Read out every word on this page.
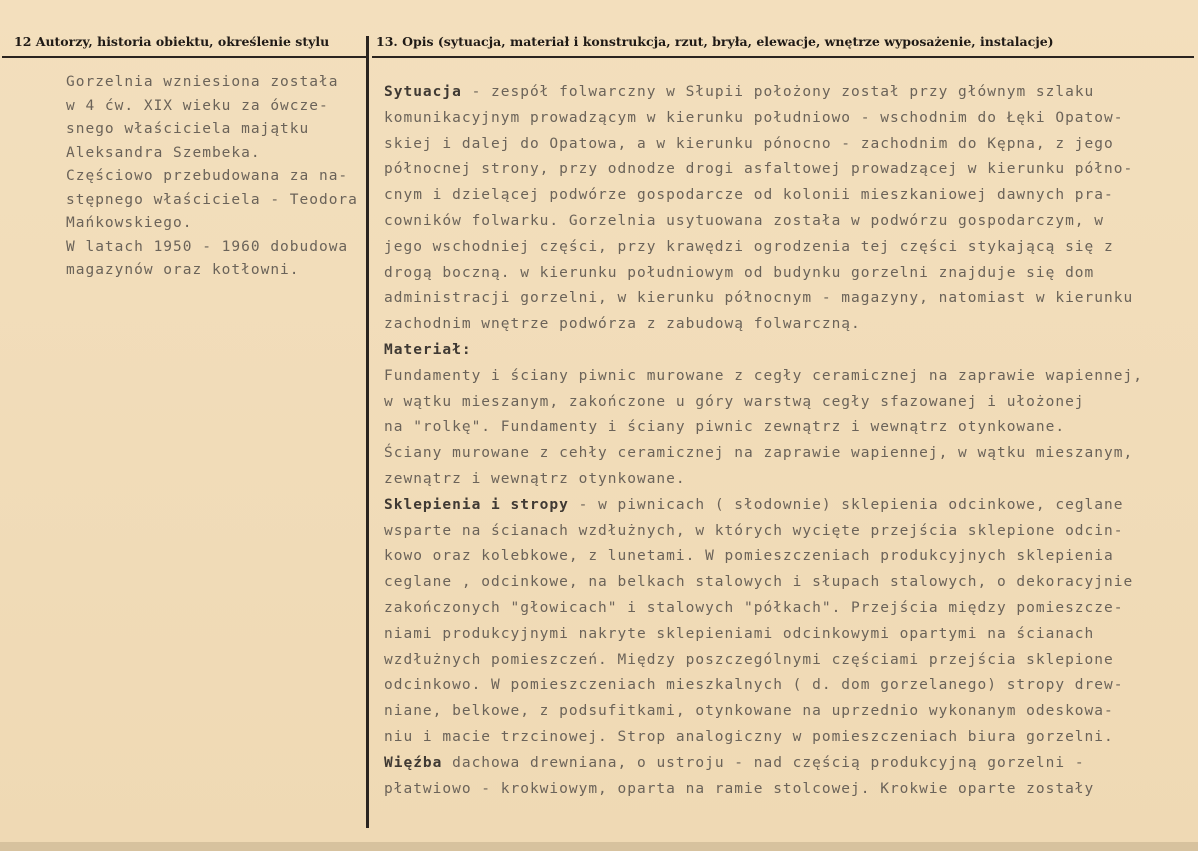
12 Autorzy, historia obiektu, określenie stylu	13. Opis (sytuacja, materiał i konstrukcja, rzut, bryła, elewacje, wnętrze wyposażenie, instalacje)
Gorzelnia wzniesiona została
w 4 ćw. XIX wieku za ówcze-
snego właściciela majątku
Aleksandra Szembeka.
Częściowo przebudowana za na-
stępnego właściciela - Teodora
Mańkowskiego.
W latach 1950 - 1960 dobudowa
magazynów oraz kotłowni.
Sytuacja - zespół folwarczny w Słupii położony został przy głównym szlaku
komunikacyjnym prowadzącym w kierunku południowo - wschodnim do Łęki Opatow-
skiej i dalej do Opatowa, a w kierunku pónocno - zachodnim do Kępna, z jego
północnej strony, przy odnodze drogi asfaltowej prowadzącej w kierunku półno-
cnym i dzielącej podwórze gospodarcze od kolonii mieszkaniowej dawnych pra-
cowników folwarku. Gorzelnia usytuowana została w podwórzu gospodarczym, w
jego wschodniej części, przy krawędzi ogrodzenia tej części stykającą się z
drogą boczną. w kierunku południowym od budynku gorzelni znajduje się dom
administracji gorzelni, w kierunku północnym - magazyny, natomiast w kierunku
zachodnim wnętrze podwórza z zabudową folwarczną.
Materiał:
Fundamenty i ściany piwnic murowane z cegły ceramicznej na zaprawie wapiennej,
w wątku mieszanym, zakończone u góry warstwą cegły sfazowanej i ułożonej
na "rolkę". Fundamenty i ściany piwnic zewnątrz i wewnątrz otynkowane.
Ściany murowane z cehły ceramicznej na zaprawie wapiennej, w wątku mieszanym,
zewnątrz i wewnątrz otynkowane.
Sklepienia i stropy - w piwnicach ( słodownie) sklepienia odcinkowe, ceglane
wsparte na ścianach wzdłużnych, w których wycięte przejścia sklepione odcin-
kowo oraz kolebkowe, z lunetami. W pomieszczeniach produkcyjnych sklepienia
ceglane , odcinkowe, na belkach stalowych i słupach stalowych, o dekoracyjnie
zakończonych "głowicach" i stalowych "półkach". Przejścia między pomieszcze-
niami produkcyjnymi nakryte sklepieniami odcinkowymi opartymi na ścianach
wzdłużnych pomieszczeń. Między poszczególnymi częściami przejścia sklepione
odcinkowo. W pomieszczeniach mieszkalnych ( d. dom gorzelanego) stropy drew-
niane, belkowe, z podsufitkami, otynkowane na uprzednio wykonanym odeskowa-
niu i macie trzcinowej. Strop analogiczny w pomieszczeniach biura gorzelni.
Więźba dachowa drewniana, o ustroju - nad częścią produkcyjną gorzelni -
płatwiowo - krokwiowym, oparta na ramie stolcowej. Krokwie oparte zostały
